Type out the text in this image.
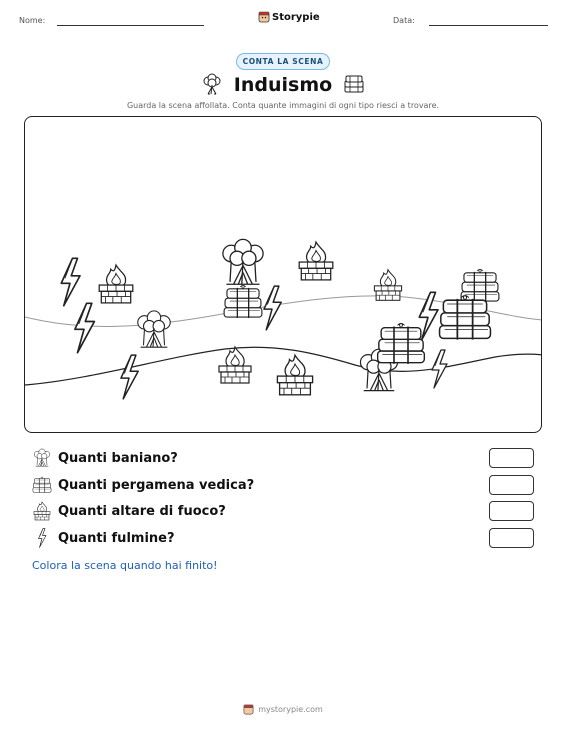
Nome:	Storypie	Data:
CONTA LA SCENA
Induismo
Guarda la scena affollata. Conta quante immagini di ogni tipo riesci a trovare.
Quanti baniano?
Quanti pergamena vedica?
Quanti altare di fuoco?
Quanti fulmine?
Colora la scena quando hai finito!
mystorypie.com
